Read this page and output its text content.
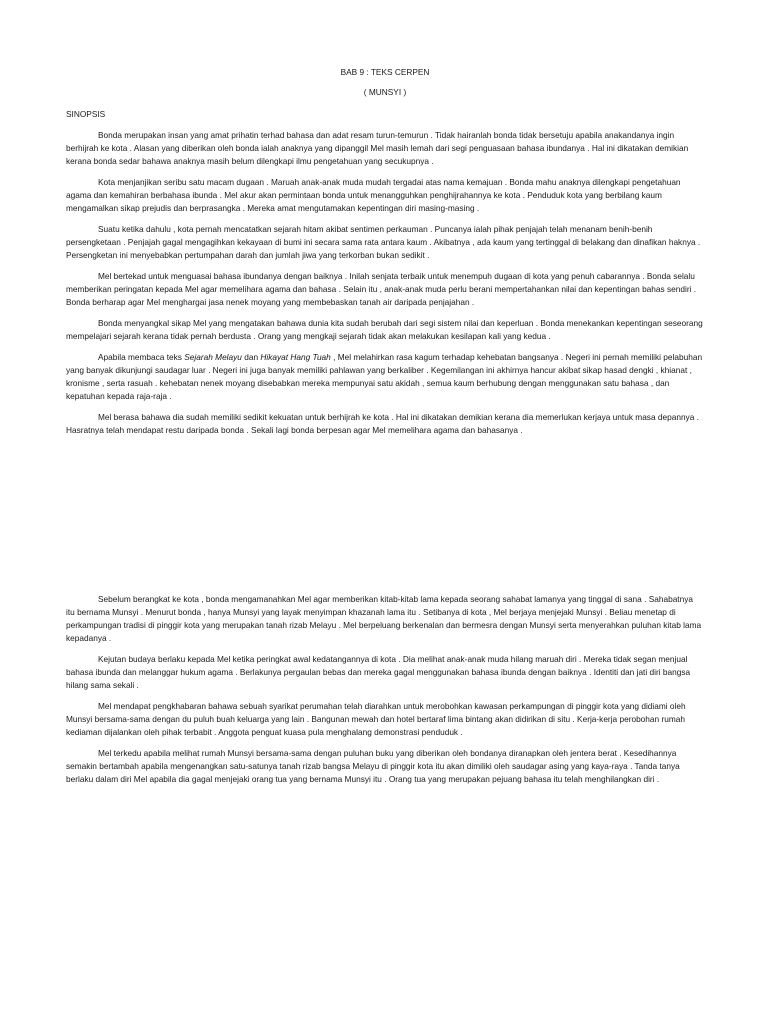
BAB 9 : TEKS CERPEN

( MUNSYI )

SINOPSIS

Bonda merupakan insan yang amat prihatin terhad bahasa dan adat resam turun-temurun . Tidak hairanlah bonda tidak bersetuju apabila anakandanya ingin berhijrah ke kota . Alasan yang diberikan oleh bonda ialah anaknya yang dipanggil Mel masih lemah dari segi penguasaan bahasa ibundanya . Hal ini dikatakan demikian kerana bonda sedar bahawa anaknya masih belum dilengkapi ilmu pengetahuan yang secukupnya .

Kota menjanjikan seribu satu macam dugaan . Maruah anak-anak muda mudah tergadai atas nama kemajuan . Bonda mahu anaknya dilengkapi pengetahuan agama dan kemahiran berbahasa ibunda . Mel akur akan permintaan bonda untuk menangguhkan penghijrahannya ke kota . Penduduk kota yang berbilang kaum mengamalkan sikap prejudis dan berprasangka . Mereka amat mengutamakan kepentingan diri masing-masing .

Suatu ketika dahulu , kota pernah mencatatkan sejarah hitam akibat sentimen perkauman . Puncanya ialah pihak penjajah telah menanam benih-benih persengketaan . Penjajah gagal mengagihkan kekayaan di bumi ini secara sama rata antara kaum . Akibatnya , ada kaum yang tertinggal di belakang dan dinafikan haknya . Persengketan ini menyebabkan pertumpahan darah dan jumlah jiwa yang terkorban bukan sedikit .

Mel bertekad untuk menguasai bahasa ibundanya dengan baiknya . Inilah senjata terbaik untuk menempuh dugaan di kota yang penuh cabarannya . Bonda selalu memberikan peringatan kepada Mel agar memelihara agama dan bahasa . Selain itu , anak-anak muda perlu berani mempertahankan nilai dan kepentingan bahas sendiri . Bonda berharap agar Mel menghargai jasa nenek moyang yang membebaskan tanah air daripada penjajahan .

Bonda menyangkal sikap Mel yang mengatakan bahawa dunia kita sudah berubah dari segi sistem nilai dan keperluan . Bonda menekankan kepentingan seseorang mempelajari sejarah kerana tidak pernah berdusta . Orang yang mengkaji sejarah tidak akan melakukan kesilapan kali yang kedua .

Apabila membaca teks Sejarah Melayu dan Hikayat Hang Tuah , Mel melahirkan rasa kagum terhadap kehebatan bangsanya . Negeri ini pernah memiliki pelabuhan yang banyak dikunjungi saudagar luar . Negeri ini juga banyak memiliki pahlawan yang berkaliber . Kegemilangan ini akhirnya hancur akibat sikap hasad dengki , khianat , kronisme , serta rasuah . kehebatan nenek moyang disebabkan mereka mempunyai satu akidah , semua kaum berhubung dengan menggunakan satu bahasa , dan kepatuhan kepada raja-raja .

Mel berasa bahawa dia sudah memiliki sedikit kekuatan untuk berhijrah ke kota . Hal ini dikatakan demikian kerana dia memerlukan kerjaya untuk masa depannya . Hasratnya telah mendapat restu daripada bonda . Sekali lagi bonda berpesan agar Mel memelihara agama dan bahasanya .

Sebelum berangkat ke kota , bonda mengamanahkan Mel agar memberikan kitab-kitab lama kepada seorang sahabat lamanya yang tinggal di sana . Sahabatnya itu bernama Munsyi . Menurut bonda , hanya Munsyi yang layak menyimpan khazanah lama itu . Setibanya di kota , Mel berjaya menjejaki Munsyi . Beliau menetap di perkampungan tradisi di pinggir kota yang merupakan tanah rizab Melayu . Mel berpeluang berkenalan dan bermesra dengan Munsyi serta menyerahkan puluhan kitab lama kepadanya .

Kejutan budaya berlaku kepada Mel ketika peringkat awal kedatangannya di kota . Dia melihat anak-anak muda hilang maruah diri . Mereka tidak segan menjual bahasa ibunda dan melanggar hukum agama . Berlakunya pergaulan bebas dan mereka gagal menggunakan bahasa ibunda dengan baiknya . Identiti dan jati diri bangsa hilang sama sekali .

Mel mendapat pengkhabaran bahawa sebuah syarikat perumahan telah diarahkan untuk merobohkan kawasan perkampungan di pinggir kota yang didiami oleh Munsyi bersama-sama dengan du puluh buah keluarga yang lain . Bangunan mewah dan hotel bertaraf lima bintang akan didirikan di situ . Kerja-kerja perobohan rumah kediaman dijalankan oleh pihak terbabit . Anggota penguat kuasa pula menghalang demonstrasi penduduk .

Mel terkedu apabila melihat rumah Munsyi bersama-sama dengan puluhan buku yang diberikan oleh bondanya diranapkan oleh jentera berat . Kesedihannya semakin bertambah apabila mengenangkan satu-satunya tanah rizab bangsa Melayu di pinggir kota itu akan dimiliki oleh saudagar asing yang kaya-raya . Tanda tanya berlaku dalam diri Mel apabila dia gagal menjejaki orang tua yang bernama Munsyi itu . Orang tua yang merupakan pejuang bahasa itu telah menghilangkan diri .
